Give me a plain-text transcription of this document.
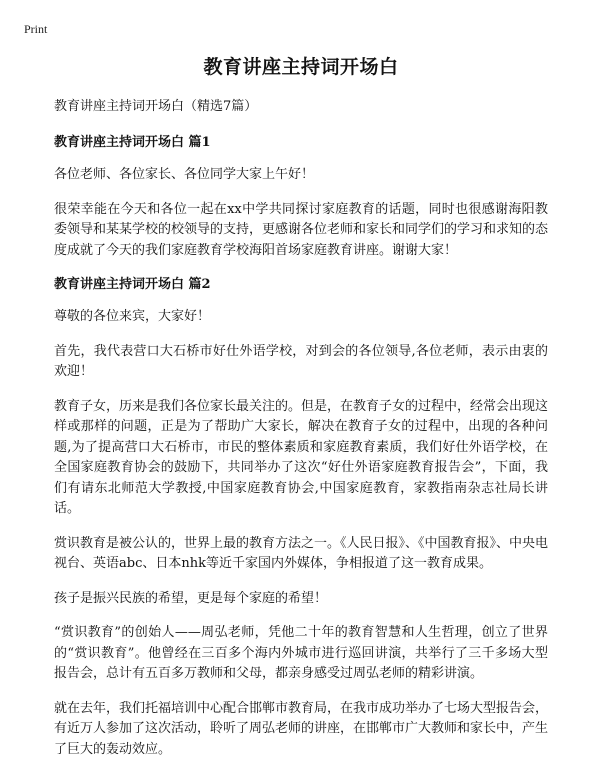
Print
教育讲座主持词开场白
教育讲座主持词开场白（精选7篇）
教育讲座主持词开场白 篇1

各位老师、各位家长、各位同学大家上午好！

很荣幸能在今天和各位一起在xx中学共同探讨家庭教育的话题，同时也很感谢海阳教委领导和某某学校的校领导的支持，更感谢各位老师和家长和同学们的学习和求知的态度成就了今天的我们家庭教育学校海阳首场家庭教育讲座。谢谢大家！

教育讲座主持词开场白 篇2

尊敬的各位来宾，大家好！

首先，我代表营口大石桥市好仕外语学校，对到会的各位领导,各位老师，表示由衷的欢迎！

教育子女，历来是我们各位家长最关注的。但是，在教育子女的过程中，经常会出现这样或那样的问题，正是为了帮助广大家长，解决在教育子女的过程中，出现的各种问题,为了提高营口大石桥市，市民的整体素质和家庭教育素质，我们好仕外语学校，在全国家庭教育协会的鼓励下，共同举办了这次“好仕外语家庭教育报告会”，下面，我们有请东北师范大学教授,中国家庭教育协会,中国家庭教育，家教指南杂志社局长讲话。

赏识教育是被公认的，世界上最的教育方法之一。《人民日报》、《中国教育报》、中央电视台、英语abc、日本nhk等近千家国内外媒体，争相报道了这一教育成果。

孩子是振兴民族的希望，更是每个家庭的希望！

“赏识教育”的创始人——周弘老师，凭他二十年的教育智慧和人生哲理，创立了世界的“赏识教育”。他曾经在三百多个海内外城市进行巡回讲演，共举行了三千多场大型报告会，总计有五百多万教师和父母，都亲身感受过周弘老师的精彩讲演。

就在去年，我们托福培训中心配合邯郸市教育局，在我市成功举办了七场大型报告会，有近万人参加了这次活动，聆听了周弘老师的讲座，在邯郸市广大教师和家长中，产生了巨大的轰动效应。
